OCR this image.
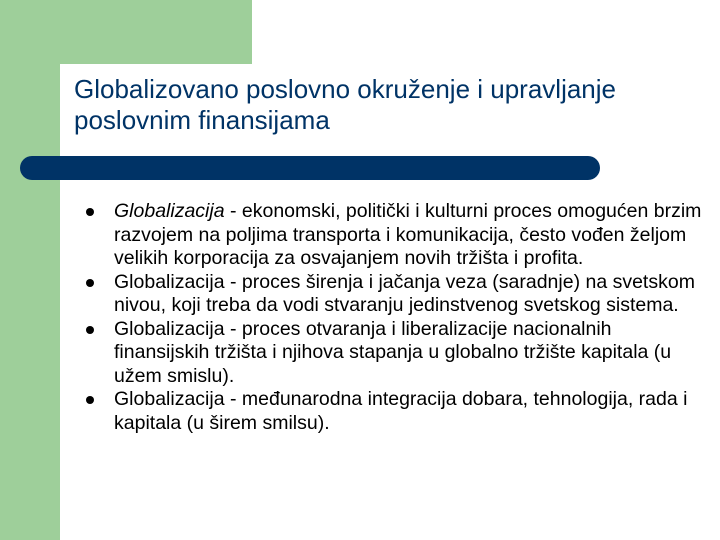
Globalizovano poslovno okruženje i upravljanje poslovnim finansijama
Globalizacija - ekonomski, politički i kulturni proces omogućen brzim razvojem na poljima transporta i komunikacija, često vođen željom velikih korporacija za osvajanjem novih tržišta i profita.
Globalizacija - proces širenja i jačanja veza (saradnje) na svetskom nivou, koji treba da vodi stvaranju jedinstvenog svetskog sistema.
Globalizacija - proces otvaranja i liberalizacije nacionalnih finansijskih tržišta i njihova stapanja u globalno tržište kapitala (u užem smislu).
Globalizacija - međunarodna integracija dobara, tehnologija, rada i kapitala (u širem smilsu).
